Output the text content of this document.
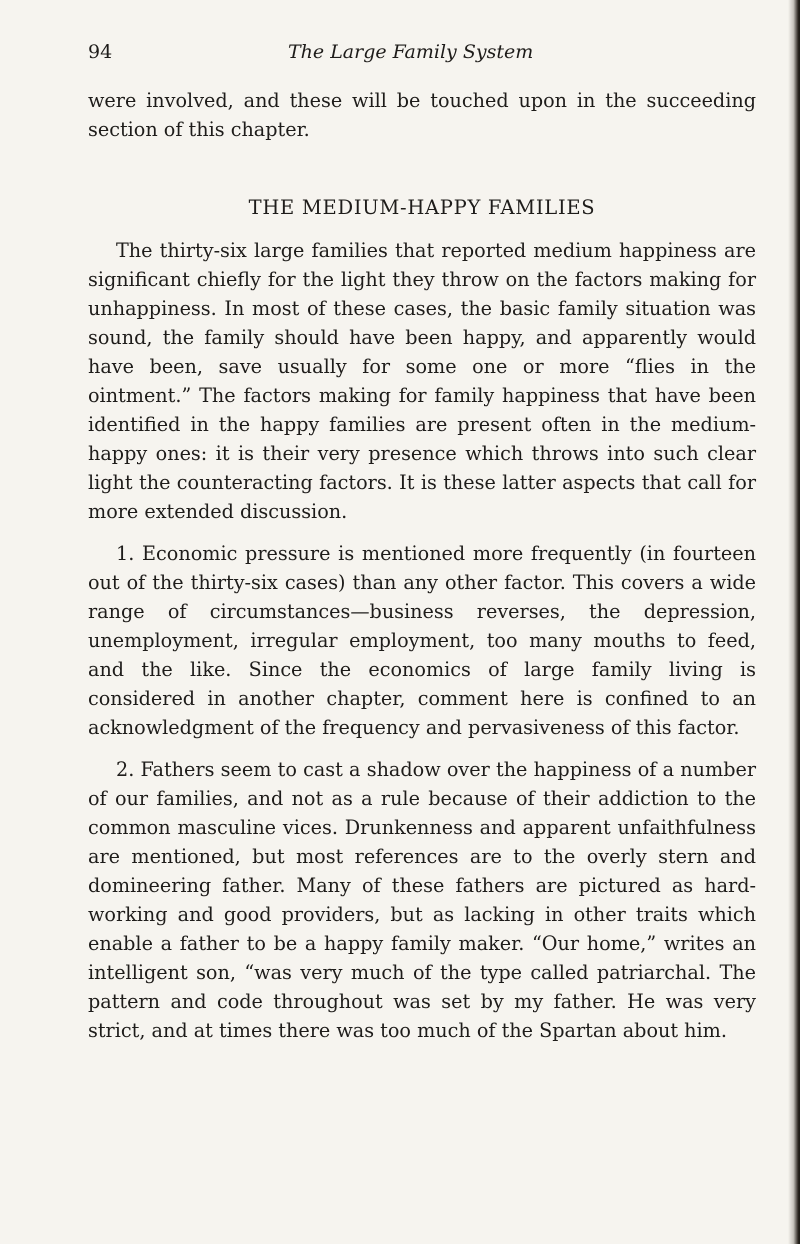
94	The Large Family System

were involved, and these will be touched upon in the succeeding section of this chapter.

THE MEDIUM-HAPPY FAMILIES

The thirty-six large families that reported medium happiness are significant chiefly for the light they throw on the factors making for unhappiness. In most of these cases, the basic family situation was sound, the family should have been happy, and apparently would have been, save usually for some one or more “flies in the ointment.” The factors making for family happiness that have been identified in the happy families are present often in the medium-happy ones: it is their very presence which throws into such clear light the counteracting factors. It is these latter aspects that call for more extended discussion.

1. Economic pressure is mentioned more frequently (in fourteen out of the thirty-six cases) than any other factor. This covers a wide range of circumstances—business reverses, the depression, unemployment, irregular employment, too many mouths to feed, and the like. Since the economics of large family living is considered in another chapter, comment here is confined to an acknowledgment of the frequency and pervasiveness of this factor.

2. Fathers seem to cast a shadow over the happiness of a number of our families, and not as a rule because of their addiction to the common masculine vices. Drunkenness and apparent unfaithfulness are mentioned, but most references are to the overly stern and domineering father. Many of these fathers are pictured as hard-working and good providers, but as lacking in other traits which enable a father to be a happy family maker. “Our home,” writes an intelligent son, “was very much of the type called patriarchal. The pattern and code throughout was set by my father. He was very strict, and at times there was too much of the Spartan about him.
